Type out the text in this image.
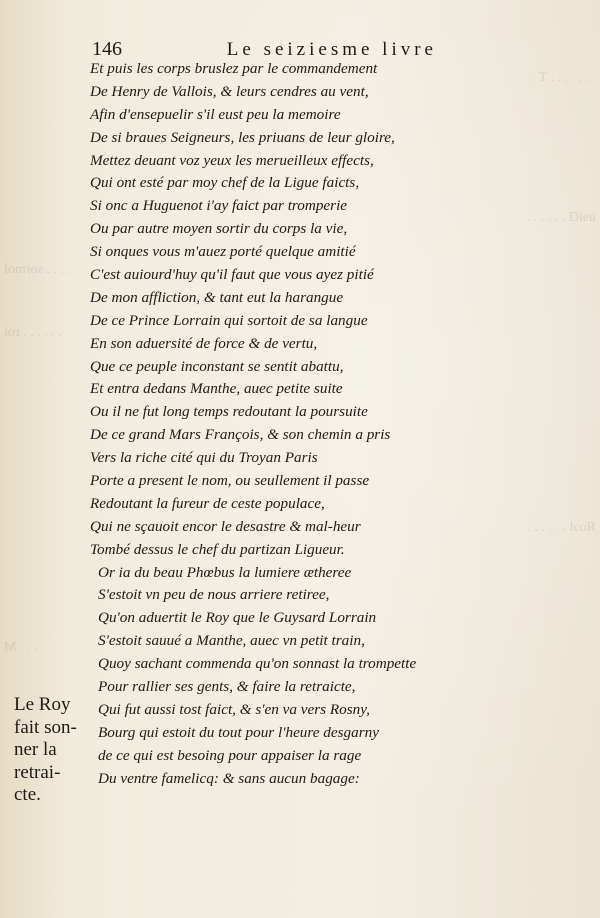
. T . . . . . . .
. . . . . . Dieu
. . . . sormol
. . . . . . roi
. . . . . . lcoR
. . . M
146	Le seiziesme livre
Et puis les corps bruslez par le commandement
De Henry de Vallois, & leurs cendres au vent,
Afin d'ensepuelir s'il eust peu la memoire
De si braues Seigneurs, les priuans de leur gloire,
Mettez deuant voz yeux les merueilleux effects,
Qui ont esté par moy chef de la Ligue faicts,
Si onc a Huguenot i'ay faict par tromperie
Ou par autre moyen sortir du corps la vie,
Si onques vous m'auez porté quelque amitié
C'est auiourd'huy qu'il faut que vous ayez pitié
De mon affliction, & tant eut la harangue
De ce Prince Lorrain qui sortoit de sa langue
En son aduersité de force & de vertu,
Que ce peuple inconstant se sentit abattu,
Et entra dedans Manthe, auec petite suite
Ou il ne fut long temps redoutant la poursuite
De ce grand Mars François, & son chemin a pris
Vers la riche cité qui du Troyan Paris
Porte a present le nom, ou seullement il passe
Redoutant la fureur de ceste populace,
Qui ne sçauoit encor le desastre & mal-heur
Tombé dessus le chef du partizan Ligueur.
Or ia du beau Phœbus la lumiere ætheree
S'estoit vn peu de nous arriere retiree,
Qu'on aduertit le Roy que le Guysard Lorrain
S'estoit sauué a Manthe, auec vn petit train,
Quoy sachant commenda qu'on sonnast la trompette
Pour rallier ses gents, & faire la retraicte,
Qui fut aussi tost faict, & s'en va vers Rosny,
Bourg qui estoit du tout pour l'heure desgarny
de ce qui est besoing pour appaiser la rage
Du ventre famelicq: & sans aucun bagage:
Le Roy
fait son-
ner la
retrai-
cte.
